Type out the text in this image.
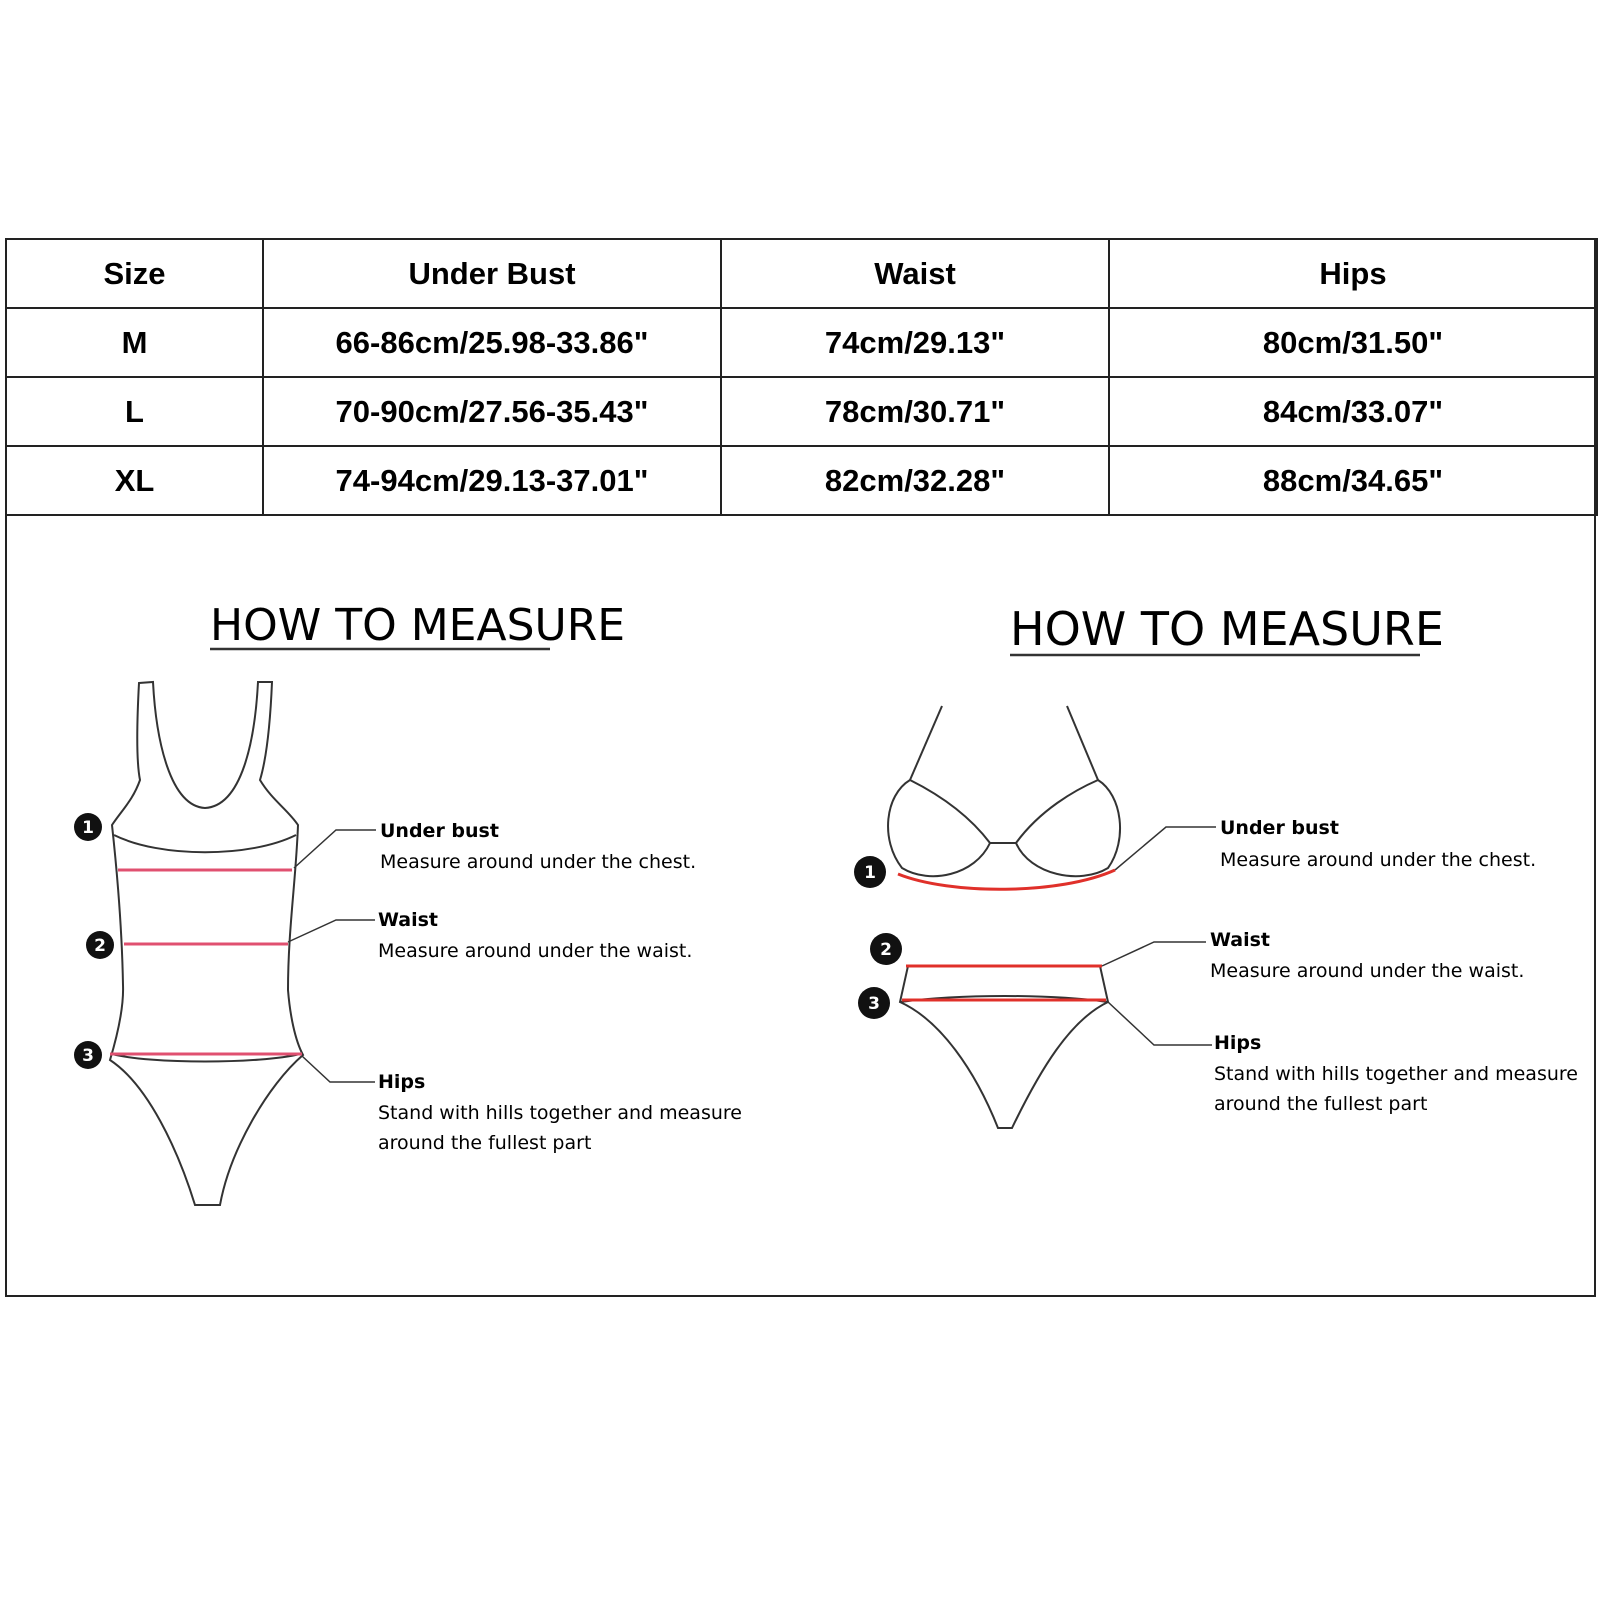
Size	Under Bust	Waist	Hips
M	66-86cm/25.98-33.86"	74cm/29.13"	80cm/31.50"
L	70-90cm/27.56-35.43"	78cm/30.71"	84cm/33.07"
XL	74-94cm/29.13-37.01"	82cm/32.28"	88cm/34.65"
HOW TO MEASURE
1
2
3
Under bust
Measure around under the chest.
Waist
Measure around under the waist.
Hips
Stand with hills together and measure
around the fullest part
HOW TO MEASURE
1
2
3
Under bust
Measure around under the chest.
Waist
Measure around under the waist.
Hips
Stand with hills together and measure
around the fullest part
